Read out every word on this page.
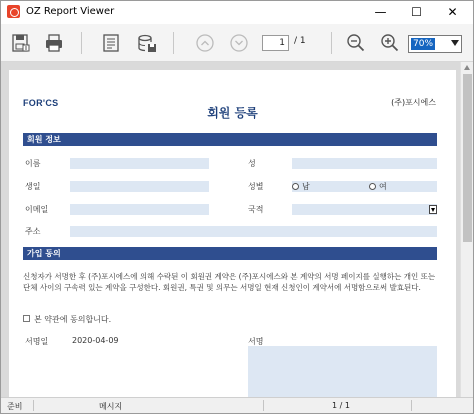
OZ Report Viewer	—	☐	✕
1	/ 1	70%
FOR'CS	(주)포시에스
회원 등록
회원 정보
이름	성
생일	성별	남	여
이메일	국적
주소
가입 동의
신청자가 서명한 후 (주)포시에스에 의해 수락된 이 회원권 계약은 (주)포시에스와 본 계약의 서명 페이지를 실행하는 개인 또는 단체 사이의 구속력 있는 계약을 구성한다. 회원권, 특권 및 의무는 서명일 현재 신청인이 계약서에 서명함으로써 발효된다.
본 약관에 동의합니다.
서명일	2020-04-09	서명
준비	메시지	1 / 1
